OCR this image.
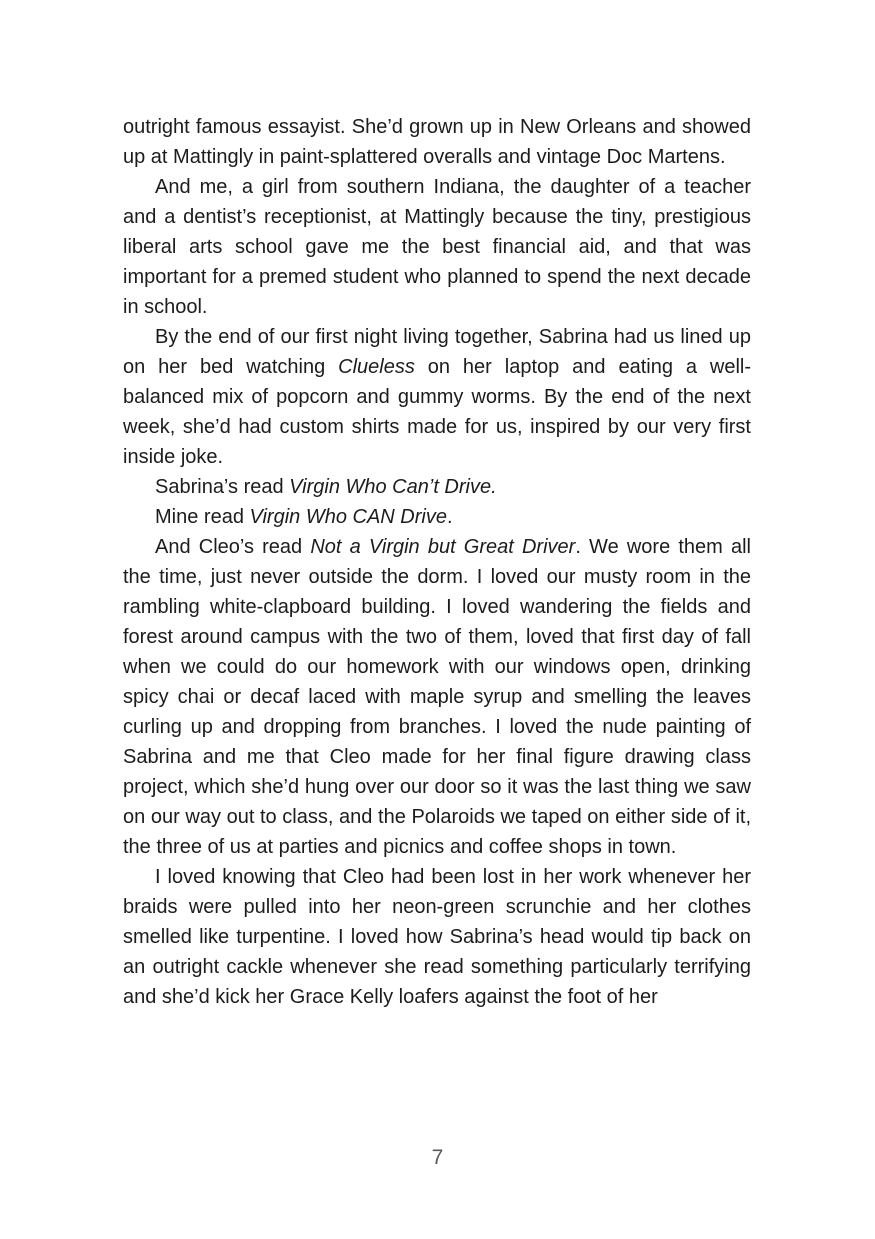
outright famous essayist. She’d grown up in New Orleans and showed up at Mattingly in paint-splattered overalls and vintage Doc Martens.

And me, a girl from southern Indiana, the daughter of a teacher and a dentist’s receptionist, at Mattingly because the tiny, prestigious liberal arts school gave me the best financial aid, and that was important for a premed student who planned to spend the next decade in school.

By the end of our first night living together, Sabrina had us lined up on her bed watching Clueless on her laptop and eating a well-balanced mix of popcorn and gummy worms. By the end of the next week, she’d had custom shirts made for us, inspired by our very first inside joke.

Sabrina’s read Virgin Who Can’t Drive.

Mine read Virgin Who CAN Drive.

And Cleo’s read Not a Virgin but Great Driver. We wore them all the time, just never outside the dorm. I loved our musty room in the rambling white-clapboard building. I loved wandering the fields and forest around campus with the two of them, loved that first day of fall when we could do our homework with our windows open, drinking spicy chai or decaf laced with maple syrup and smelling the leaves curling up and dropping from branches. I loved the nude painting of Sabrina and me that Cleo made for her final figure drawing class project, which she’d hung over our door so it was the last thing we saw on our way out to class, and the Polaroids we taped on either side of it, the three of us at parties and picnics and coffee shops in town.

I loved knowing that Cleo had been lost in her work whenever her braids were pulled into her neon-green scrunchie and her clothes smelled like turpentine. I loved how Sabrina’s head would tip back on an outright cackle whenever she read something particularly terrifying and she’d kick her Grace Kelly loafers against the foot of her

7
